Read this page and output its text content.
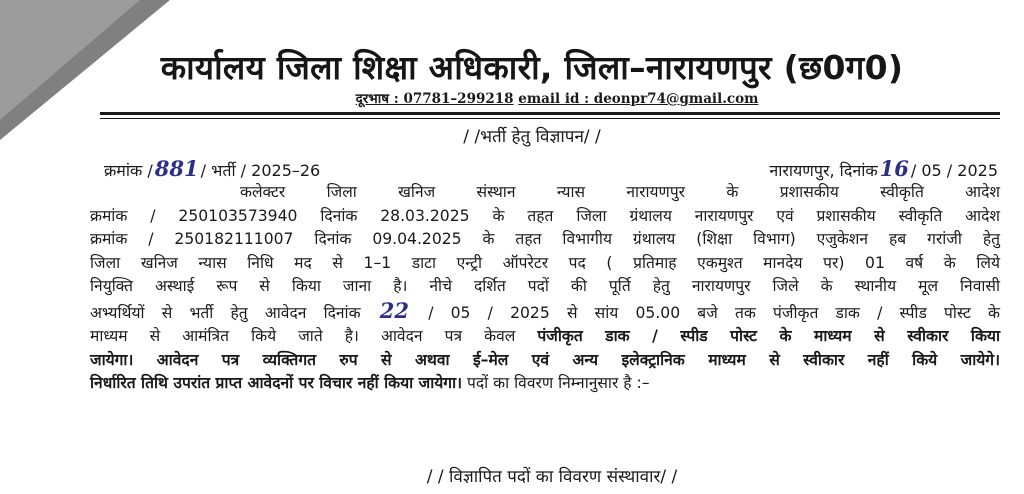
कार्यालय जिला शिक्षा अधिकारी, जिला–नारायणपुर (छ0ग0)
दूरभाष : 07781–299218 email id : deonpr74@gmail.com
/ /भर्ती हेतु विज्ञापन/ /
क्रमांक /881 / भर्ती / 2025–26	नारायणपुर, दिनांक16 / 05 / 2025
कलेक्टर जिला खनिज संस्थान न्यास नारायणपुर के प्रशासकीय स्वीकृति आदेश
क्रमांक / 250103573940 दिनांक 28.03.2025 के तहत जिला ग्रंथालय नारायणपुर एवं प्रशासकीय स्वीकृति आदेश
क्रमांक / 250182111007 दिनांक 09.04.2025 के तहत विभागीय ग्रंथालय (शिक्षा विभाग) एजुकेशन हब गरांजी हेतु
जिला खनिज न्यास निधि मद से 1–1 डाटा एन्ट्री ऑपरेटर पद ( प्रतिमाह एकमुश्त मानदेय पर) 01 वर्ष के लिये
नियुक्ति अस्थाई रूप से किया जाना है। नीचे दर्शित पदों की पूर्ति हेतु नारायणपुर जिले के स्थानीय मूल निवासी
अभ्यर्थियों से भर्ती हेतु आवेदन दिनांक 22 / 05 / 2025 से सांय 05.00 बजे तक पंजीकृत डाक / स्पीड पोस्ट के
माध्यम से आमंत्रित किये जाते है। आवेदन पत्र केवल पंजीकृत डाक / स्पीड पोस्ट के माध्यम से स्वीकार किया
जायेगा। आवेदन पत्र व्यक्तिगत रुप से अथवा ई–मेल एवं अन्य इलेक्ट्रानिक माध्यम से स्वीकार नहीं किये जायेगे।
निर्धारित तिथि उपरांत प्राप्त आवेदनों पर विचार नहीं किया जायेगा। पदों का विवरण निम्नानुसार है :–
/ / विज्ञापित पदों का विवरण संस्थावार/ /
